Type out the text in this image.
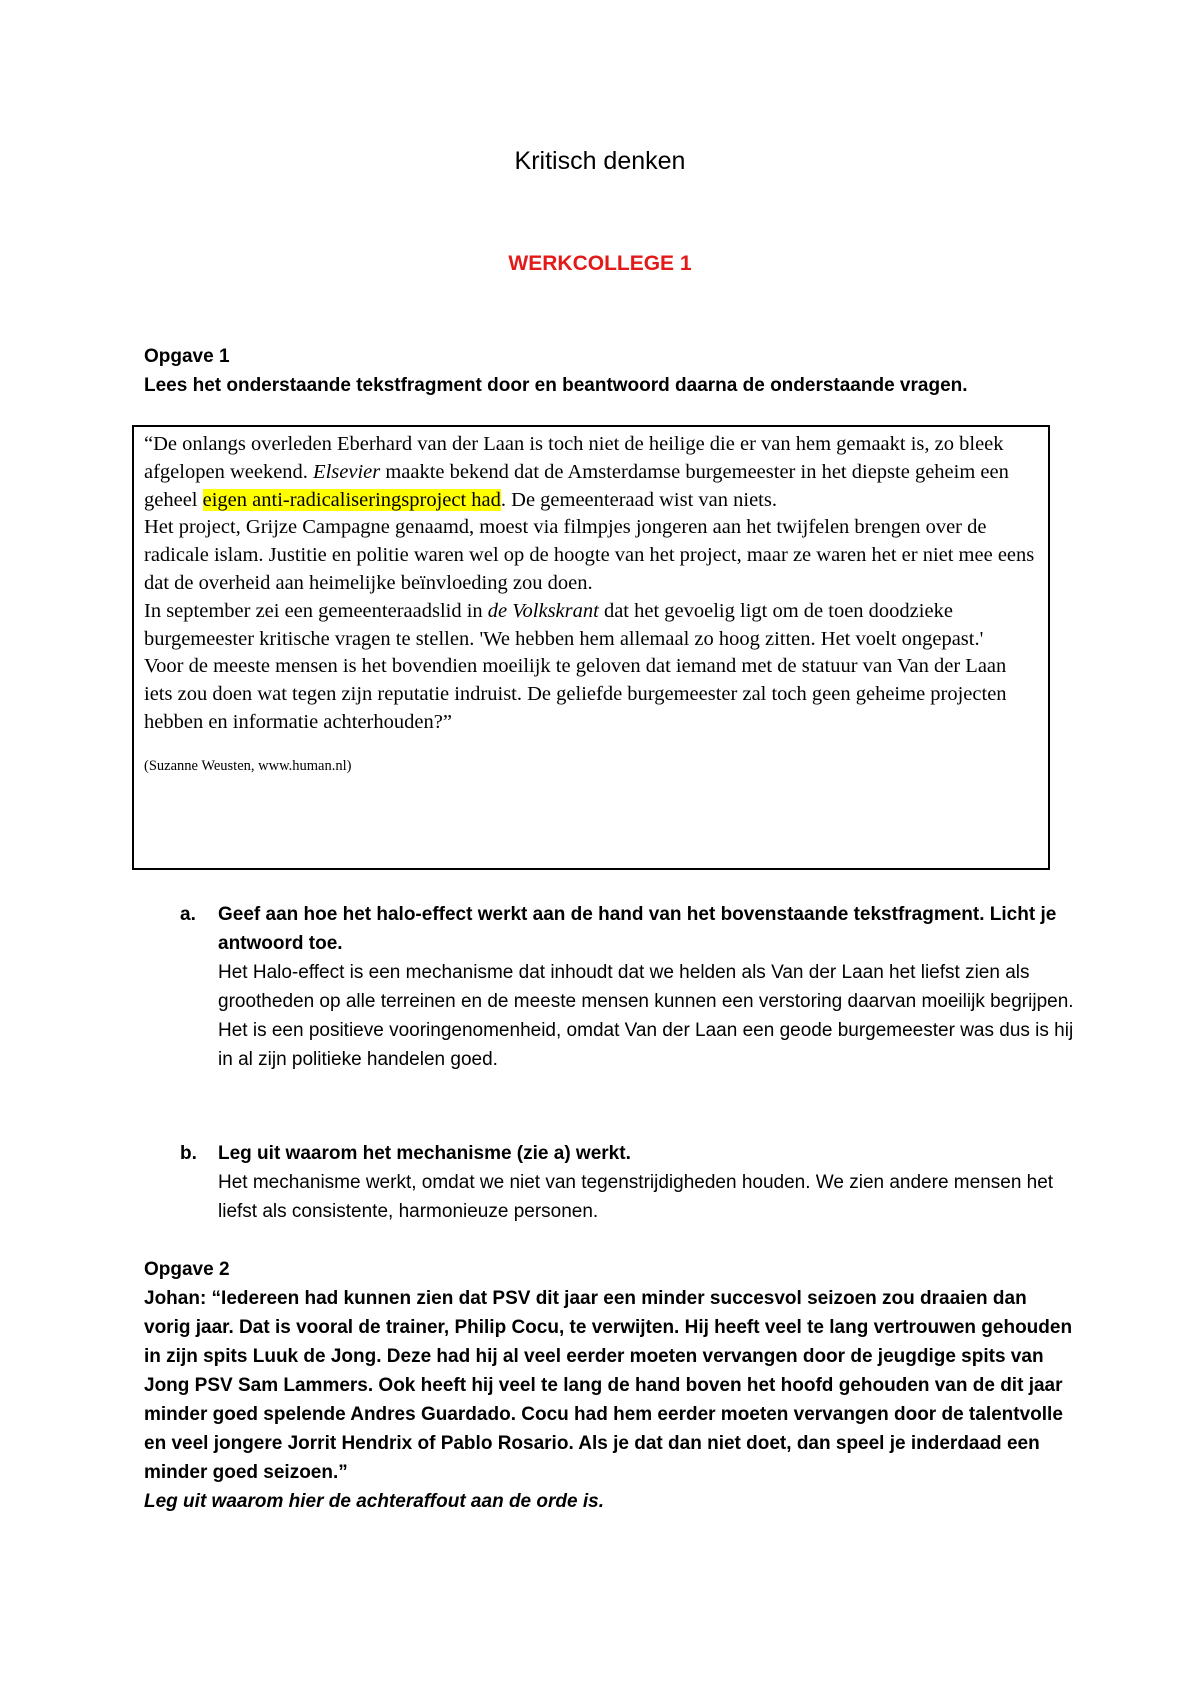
Kritisch denken
WERKCOLLEGE 1
Opgave 1
Lees het onderstaande tekstfragment door en beantwoord daarna de onderstaande vragen.

“De onlangs overleden Eberhard van der Laan is toch niet de heilige die er van hem gemaakt is, zo bleek afgelopen weekend. Elsevier maakte bekend dat de Amsterdamse burgemeester in het diepste geheim een geheel eigen anti-radicaliseringsproject had. De gemeenteraad wist van niets.

Het project, Grijze Campagne genaamd, moest via filmpjes jongeren aan het twijfelen brengen over de radicale islam. Justitie en politie waren wel op de hoogte van het project, maar ze waren het er niet mee eens dat de overheid aan heimelijke beïnvloeding zou doen.

In september zei een gemeenteraadslid in de Volkskrant dat het gevoelig ligt om de toen doodzieke burgemeester kritische vragen te stellen. 'We hebben hem allemaal zo hoog zitten. Het voelt ongepast.'

Voor de meeste mensen is het bovendien moeilijk te geloven dat iemand met de statuur van Van der Laan iets zou doen wat tegen zijn reputatie indruist. De geliefde burgemeester zal toch geen geheime projecten hebben en informatie achterhouden?”

(Suzanne Weusten, www.human.nl)

a. Geef aan hoe het halo-effect werkt aan de hand van het bovenstaande tekstfragment. Licht je antwoord toe.
Het Halo-effect is een mechanisme dat inhoudt dat we helden als Van der Laan het liefst zien als grootheden op alle terreinen en de meeste mensen kunnen een verstoring daarvan moeilijk begrijpen. Het is een positieve vooringenomenheid, omdat Van der Laan een geode burgemeester was dus is hij in al zijn politieke handelen goed.
b. Leg uit waarom het mechanisme (zie a) werkt.
Het mechanisme werkt, omdat we niet van tegenstrijdigheden houden. We zien andere mensen het liefst als consistente, harmonieuze personen.
Opgave 2
Johan: “Iedereen had kunnen zien dat PSV dit jaar een minder succesvol seizoen zou draaien dan vorig jaar. Dat is vooral de trainer, Philip Cocu, te verwijten. Hij heeft veel te lang vertrouwen gehouden in zijn spits Luuk de Jong. Deze had hij al veel eerder moeten vervangen door de jeugdige spits van Jong PSV Sam Lammers. Ook heeft hij veel te lang de hand boven het hoofd gehouden van de dit jaar minder goed spelende Andres Guardado. Cocu had hem eerder moeten vervangen door de talentvolle en veel jongere Jorrit Hendrix of Pablo Rosario. Als je dat dan niet doet, dan speel je inderdaad een minder goed seizoen.”
Leg uit waarom hier de achteraffout aan de orde is.
